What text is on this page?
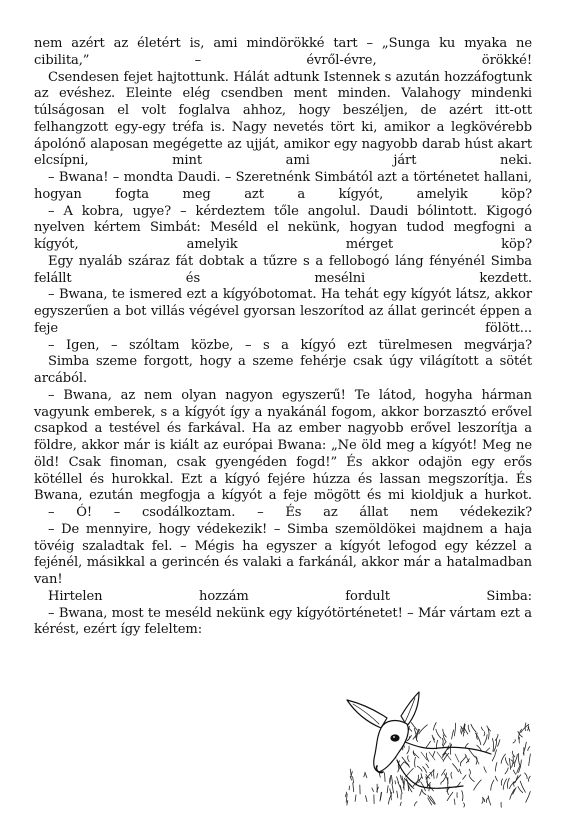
nem azért az életért is, ami mindörökké tart – „Sunga ku myaka ne cibilita,” – évről-évre, örökké!

Csendesen fejet hajtottunk. Hálát adtunk Istennek s azután hozzáfogtunk az evéshez. Eleinte elég csendben ment minden. Valahogy mindenki túlságosan el volt foglalva ahhoz, hogy beszéljen, de azért itt-ott felhangzott egy-egy tréfa is. Nagy nevetés tört ki, amikor a legkövérebb ápolónő alaposan megégette az ujját, amikor egy nagyobb darab húst akart elcsípni, mint ami járt neki.

– Bwana! – mondta Daudi. – Szeretnénk Simbától azt a történetet hallani, hogyan fogta meg azt a kígyót, amelyik köp?

– A kobra, ugye? – kérdeztem tőle angolul. Daudi bólintott. Kigogó nyelven kértem Simbát: Meséld el nekünk, hogyan tudod megfogni a kígyót, amelyik mérget köp?

Egy nyaláb száraz fát dobtak a tűzre s a fellobogó láng fényénél Simba felállt és mesélni kezdett.

– Bwana, te ismered ezt a kígyóbotomat. Ha tehát egy kígyót látsz, akkor egyszerűen a bot villás végével gyorsan leszorítod az állat gerincét éppen a feje fölött...

– Igen, – szóltam közbe, – s a kígyó ezt türelmesen megvárja?

Simba szeme forgott, hogy a szeme fehérje csak úgy világított a sötét arcából.

– Bwana, az nem olyan nagyon egyszerű! Te látod, hogyha hárman vagyunk emberek, s a kígyót így a nyakánál fogom, akkor borzasztó erővel csapkod a testével és farkával. Ha az ember nagyobb erővel leszorítja a földre, akkor már is kiált az európai Bwana: „Ne öld meg a kígyót! Meg ne öld! Csak finoman, csak gyengéden fogd!” És akkor odajön egy erős kötéllel és hurokkal. Ezt a kígyó fejére húzza és lassan megszorítja. És Bwana, ezután megfogja a kígyót a feje mögött és mi kioldjuk a hurkot.

– Ó! – csodálkoztam. – És az állat nem védekezik?

– De mennyire, hogy védekezik! – Simba szemöldökei majdnem a haja tövéig szaladtak fel. – Mégis ha egyszer a kígyót lefogod egy kézzel a fejénél, másikkal a gerincén és valaki a farkánál, akkor már a hatalmadban van!

Hirtelen hozzám fordult Simba:

– Bwana, most te meséld nekünk egy kígyótörténetet! – Már vártam ezt a kérést, ezért így feleltem:
